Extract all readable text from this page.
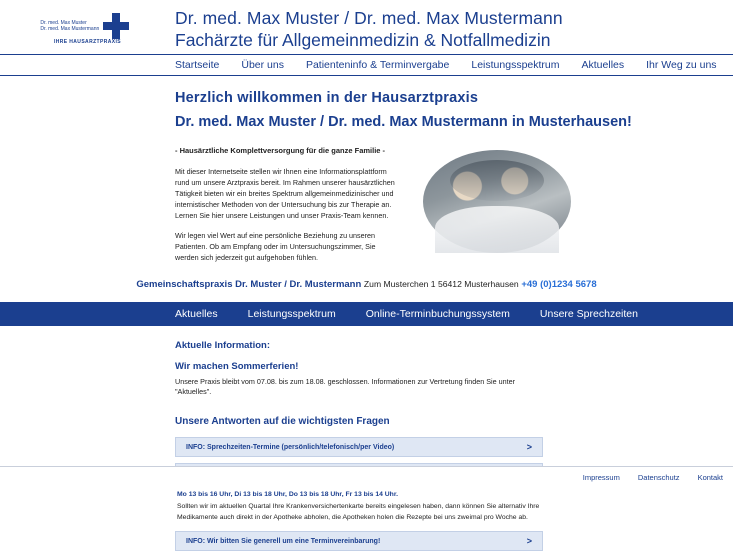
Dr. med. Max Muster
Dr. med. Max Mustermann

IHRE HAUSARZTPRAXIS
Dr. med. Max Muster / Dr. med. Max Mustermann
Fachärzte für Allgemeinmedizin & Notfallmedizin
Startseite Über uns Patienteninfo & Terminvergabe Leistungsspektrum Aktuelles Ihr Weg zu uns
Herzlich willkommen in der Hausarztpraxis
Dr. med. Max Muster / Dr. med. Max Mustermann in Musterhausen!
- Hausärztliche Komplettversorgung für die ganze Familie -
Mit dieser Internetseite stellen wir Ihnen eine Informationsplattform rund um unsere Arztpraxis bereit. Im Rahmen unserer hausärztlichen Tätigkeit bieten wir ein breites Spektrum allgemeinmedizinischer und internistischer Methoden von der Untersuchung bis zur Therapie an. Lernen Sie hier unsere Leistungen und unser Praxis-Team kennen.
Wir legen viel Wert auf eine persönliche Beziehung zu unseren Patienten. Ob am Empfang oder im Untersuchungszimmer, Sie werden sich jederzeit gut aufgehoben fühlen.
Gemeinschaftspraxis Dr. Muster / Dr. Mustermann Zum Musterchen 1 56412 Musterhausen +49 (0)1234 5678
Aktuelles	Leistungsspektrum	Online-Terminbuchungssystem	Unsere Sprechzeiten
Aktuelle Information:
Wir machen Sommerferien!
Unsere Praxis bleibt vom 07.08. bis zum 18.08. geschlossen. Informationen zur Vertretung finden Sie unter "Aktuelles".
Unsere Antworten auf die wichtigsten Fragen
INFO: Sprechzeiten-Termine (persönlich/telefonisch/per Video)	>
Mo 13 bis 16 Uhr, Di 13 bis 18 Uhr, Do 13 bis 18 Uhr, Fr 13 bis 14 Uhr.
Sollten wir im aktuellen Quartal Ihre Krankenversichertenkarte bereits eingelesen haben, dann können Sie alternativ Ihre Medikamente auch direkt in der Apotheke abholen, die Apotheken holen die Rezepte bei uns zweimal pro Woche ab.
INFO: Wir bitten Sie generell um eine Terminvereinbarung!	>
Impressum Datenschutz Kontakt
